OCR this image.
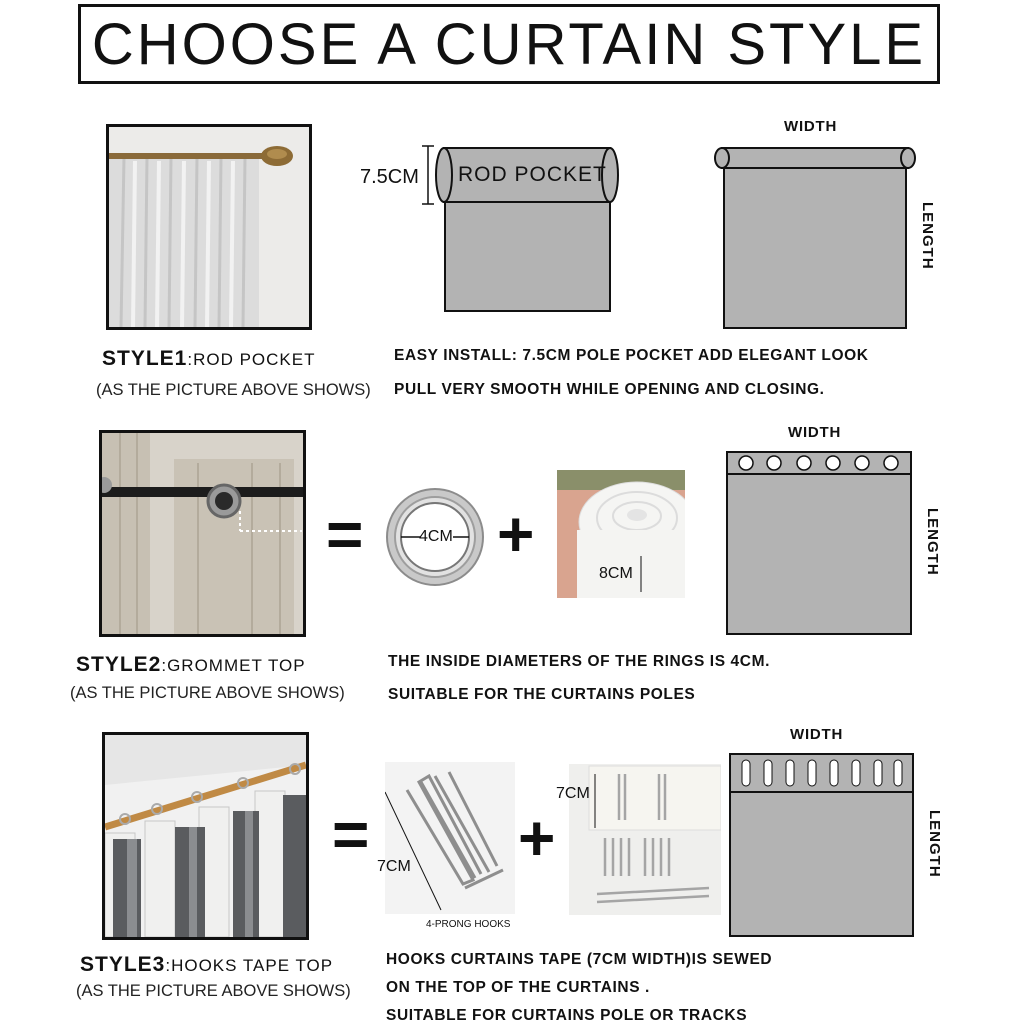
CHOOSE A CURTAIN STYLE
7.5CM ROD POCKET
WIDTH
LENGTH
STYLE1:ROD POCKET
(AS THE PICTURE ABOVE SHOWS)
EASY INSTALL: 7.5CM POLE POCKET ADD ELEGANT LOOK
PULL VERY SMOOTH WHILE OPENING AND CLOSING.
=	4CM +
8CM
WIDTH
LENGTH
STYLE2:GROMMET TOP
(AS THE PICTURE ABOVE SHOWS)
THE INSIDE DIAMETERS OF THE RINGS IS 4CM.
SUITABLE FOR THE CURTAINS POLES
= 7CM
4-PRONG HOOKS
+
7CM
WIDTH
LENGTH
STYLE3:HOOKS TAPE TOP
(AS THE PICTURE ABOVE SHOWS)
HOOKS CURTAINS TAPE (7CM WIDTH)IS SEWED
ON THE TOP OF THE CURTAINS .
SUITABLE FOR CURTAINS POLE OR TRACKS
